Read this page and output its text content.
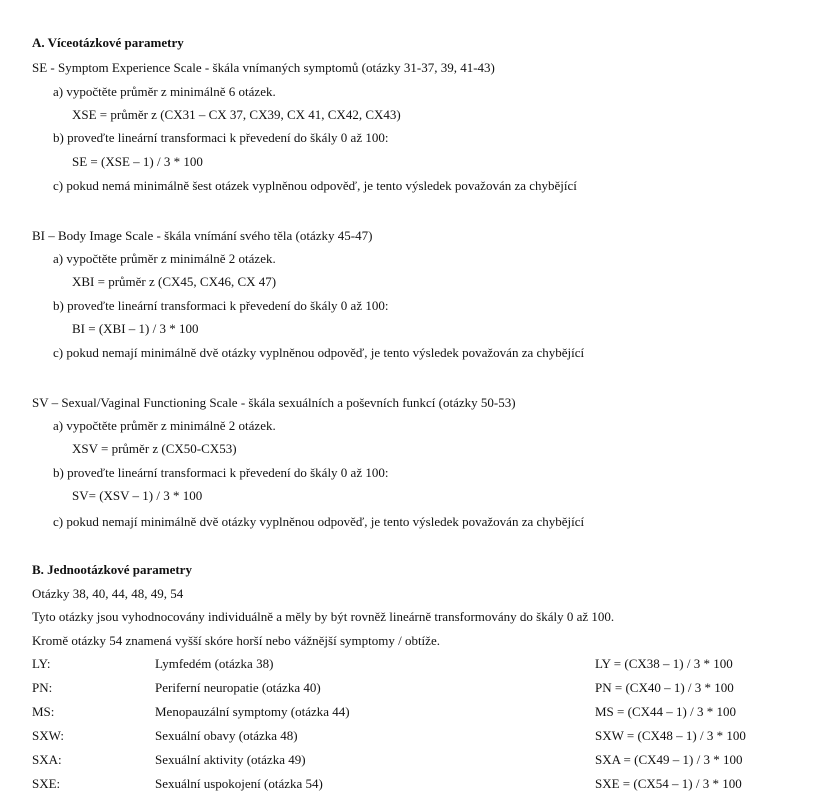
A. Víceotázkové parametry
SE - Symptom Experience Scale - škála vnímaných symptomů (otázky 31-37, 39, 41-43)
a) vypočtěte průměr z minimálně 6 otázek.
XSE = průměr z (CX31 – CX 37, CX39, CX 41, CX42, CX43)
b) proveďte lineární transformaci k převedení do škály 0 až 100:
SE = (XSE – 1) / 3 * 100
c) pokud nemá minimálně šest otázek vyplněnou odpověď, je tento výsledek považován za chybějící
BI – Body Image Scale - škála vnímání svého těla (otázky 45-47)
a) vypočtěte průměr z minimálně 2 otázek.
XBI = průměr z (CX45, CX46, CX 47)
b) proveďte lineární transformaci k převedení do škály 0 až 100:
BI = (XBI – 1) / 3 * 100
c) pokud nemají minimálně dvě otázky vyplněnou odpověď, je tento výsledek považován za chybějící
SV – Sexual/Vaginal Functioning Scale - škála sexuálních a poševních funkcí (otázky 50-53)
a) vypočtěte průměr z minimálně 2 otázek.
XSV = průměr z (CX50-CX53)
b) proveďte lineární transformaci k převedení do škály 0 až 100:
SV= (XSV – 1) / 3 * 100
c) pokud nemají minimálně dvě otázky vyplněnou odpověď, je tento výsledek považován za chybějící
B. Jednootázkové parametry
Otázky 38, 40, 44, 48, 49, 54
Tyto otázky jsou vyhodnocovány individuálně a měly by být rovněž lineárně transformovány do škály 0 až 100.
Kromě otázky 54 znamená vyšší skóre horší nebo vážnější symptomy / obtíže.
LY:	Lymfedém (otázka 38)	LY = (CX38 – 1) / 3 * 100
PN:	Periferní neuropatie (otázka 40)	PN = (CX40 – 1) / 3 * 100
MS:	Menopauzální symptomy (otázka 44)	MS = (CX44 – 1) / 3 * 100
SXW:	Sexuální obavy (otázka 48)	SXW = (CX48 – 1) / 3 * 100
SXA:	Sexuální aktivity (otázka 49)	SXA = (CX49 – 1) / 3 * 100
SXE:	Sexuální uspokojení (otázka 54)	SXE = (CX54 – 1) / 3 * 100
